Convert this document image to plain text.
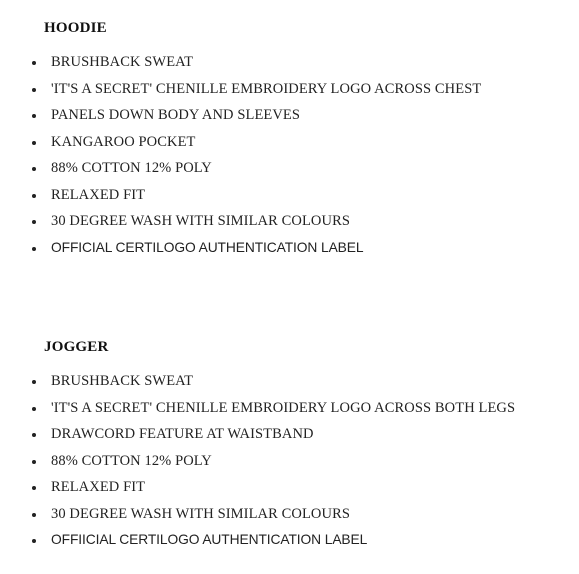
HOODIE
BRUSHBACK SWEAT
'IT'S A SECRET' CHENILLE EMBROIDERY LOGO ACROSS CHEST
PANELS DOWN BODY AND SLEEVES
KANGAROO POCKET
88% COTTON 12% POLY
RELAXED FIT
30 DEGREE WASH WITH SIMILAR COLOURS
OFFICIAL CERTILOGO AUTHENTICATION LABEL
JOGGER
BRUSHBACK SWEAT
'IT'S A SECRET' CHENILLE EMBROIDERY LOGO ACROSS BOTH LEGS
DRAWCORD FEATURE AT WAISTBAND
88% COTTON 12% POLY
RELAXED FIT
30 DEGREE WASH WITH SIMILAR COLOURS
OFFIICIAL CERTILOGO AUTHENTICATION LABEL
